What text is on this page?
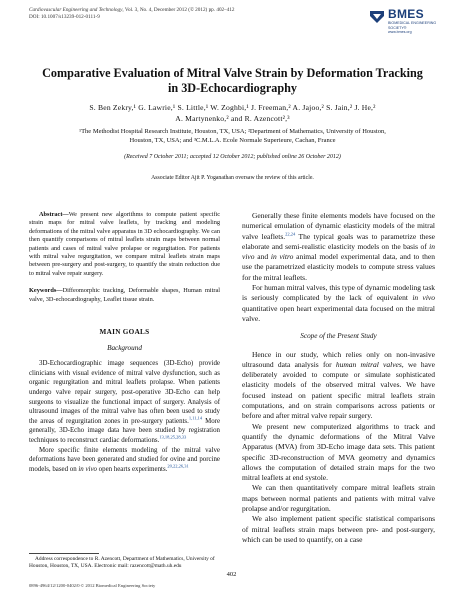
Cardiovascular Engineering and Technology, Vol. 3, No. 4, December 2012 (© 2012) pp. 402–412
DOI: 10.1007/s13239-012-0111-9	BMES
BIOMEDICAL ENGINEERING SOCIETY®
www.bmes.org
Comparative Evaluation of Mitral Valve Strain by Deformation Tracking in 3D-Echocardiography
S. Ben Zekry,¹ G. Lawrie,¹ S. Little,¹ W. Zoghbi,¹ J. Freeman,² A. Jajoo,² S. Jain,² J. He,²
A. Martynenko,² and R. Azencott²,³
¹The Methodist Hospital Research Institute, Houston, TX, USA; ²Department of Mathematics, University of Houston,
Houston, TX, USA; and ³C.M.L.A. Ecole Normale Superieure, Cachan, France
(Received 7 October 2011; accepted 12 October 2012; published online 26 October 2012)
Associate Editor Ajit P. Yoganathan oversaw the review of this article.

Abstract—We present new algorithms to compute patient specific strain maps for mitral valve leaflets, by tracking and modeling deformations of the mitral valve apparatus in 3D echocardiography. We can then quantify comparisons of mitral leaflets strain maps between normal patients and cases of mitral valve prolapse or regurgitation. For patients with mitral valve regurgitation, we compare mitral leaflets strain maps between pre-surgery and post-surgery, to quantify the strain reduction due to mitral valve repair surgery.

Keywords—Diffeomorphic tracking, Deformable shapes, Human mitral valve, 3D-echocardiography, Leaflet tissue strain.

MAIN GOALS

Background

3D-Echocardiographic image sequences (3D-Echo) provide clinicians with visual evidence of mitral valve dysfunction, such as organic regurgitation and mitral leaflets prolapse. When patients undergo valve repair surgery, post-operative 3D-Echo can help surgeons to visualize the functional impact of surgery. Analysis of ultrasound images of the mitral valve has often been used to study the areas of regurgitation zones in pre-surgery patients.$^{1,11,14}$ More generally, 3D-Echo image data have been studied by registration techniques to reconstruct cardiac deformations.$^{13,18,25,28,33}$

More specific finite elements modeling of the mitral valve deformations have been generated and studied for ovine and porcine models, based on in vivo open hearts experiments.$^{20,22,26,31}$

Address correspondence to R. Azencott, Department of Mathematics, University of Houston, Houston, TX, USA. Electronic mail: razencott@math.uh.edu

Generally these finite elements models have focused on the numerical emulation of dynamic elasticity models of the mitral valve leaflets.$^{22,24}$ The typical goals was to parametrize these elaborate and semi-realistic elasticity models on the basis of in vivo and in vitro animal model experimental data, and to then use the parametrized elasticity models to compute stress values for the mitral leaflets.

For human mitral valves, this type of dynamic modeling task is seriously complicated by the lack of equivalent in vivo quantitative open heart experimental data focused on the mitral valve.

Scope of the Present Study

Hence in our study, which relies only on non-invasive ultrasound data analysis for human mitral valves, we have deliberately avoided to compute or simulate sophisticated elasticity models of the observed mitral valves. We have focused instead on patient specific mitral leaflets strain computations, and on strain comparisons across patients or before and after mitral valve repair surgery.

We present new computerized algorithms to track and quantify the dynamic deformations of the Mitral Valve Apparatus (MVA) from 3D-Echo image data sets. This patient specific 3D-reconstruction of MVA geometry and dynamics allows the computation of detailed strain maps for the two mitral leaflets at end systole.

We can then quantitatively compare mitral leaflets strain maps between normal patients and patients with mitral valve prolapse and/or regurgitation.

We also implement patient specific statistical comparisons of mitral leaflets strain maps between pre- and post-surgery, which can be used to quantify, on a case

402
0896-4964/12/1200-0402/0 © 2012 Biomedical Engineering Society
